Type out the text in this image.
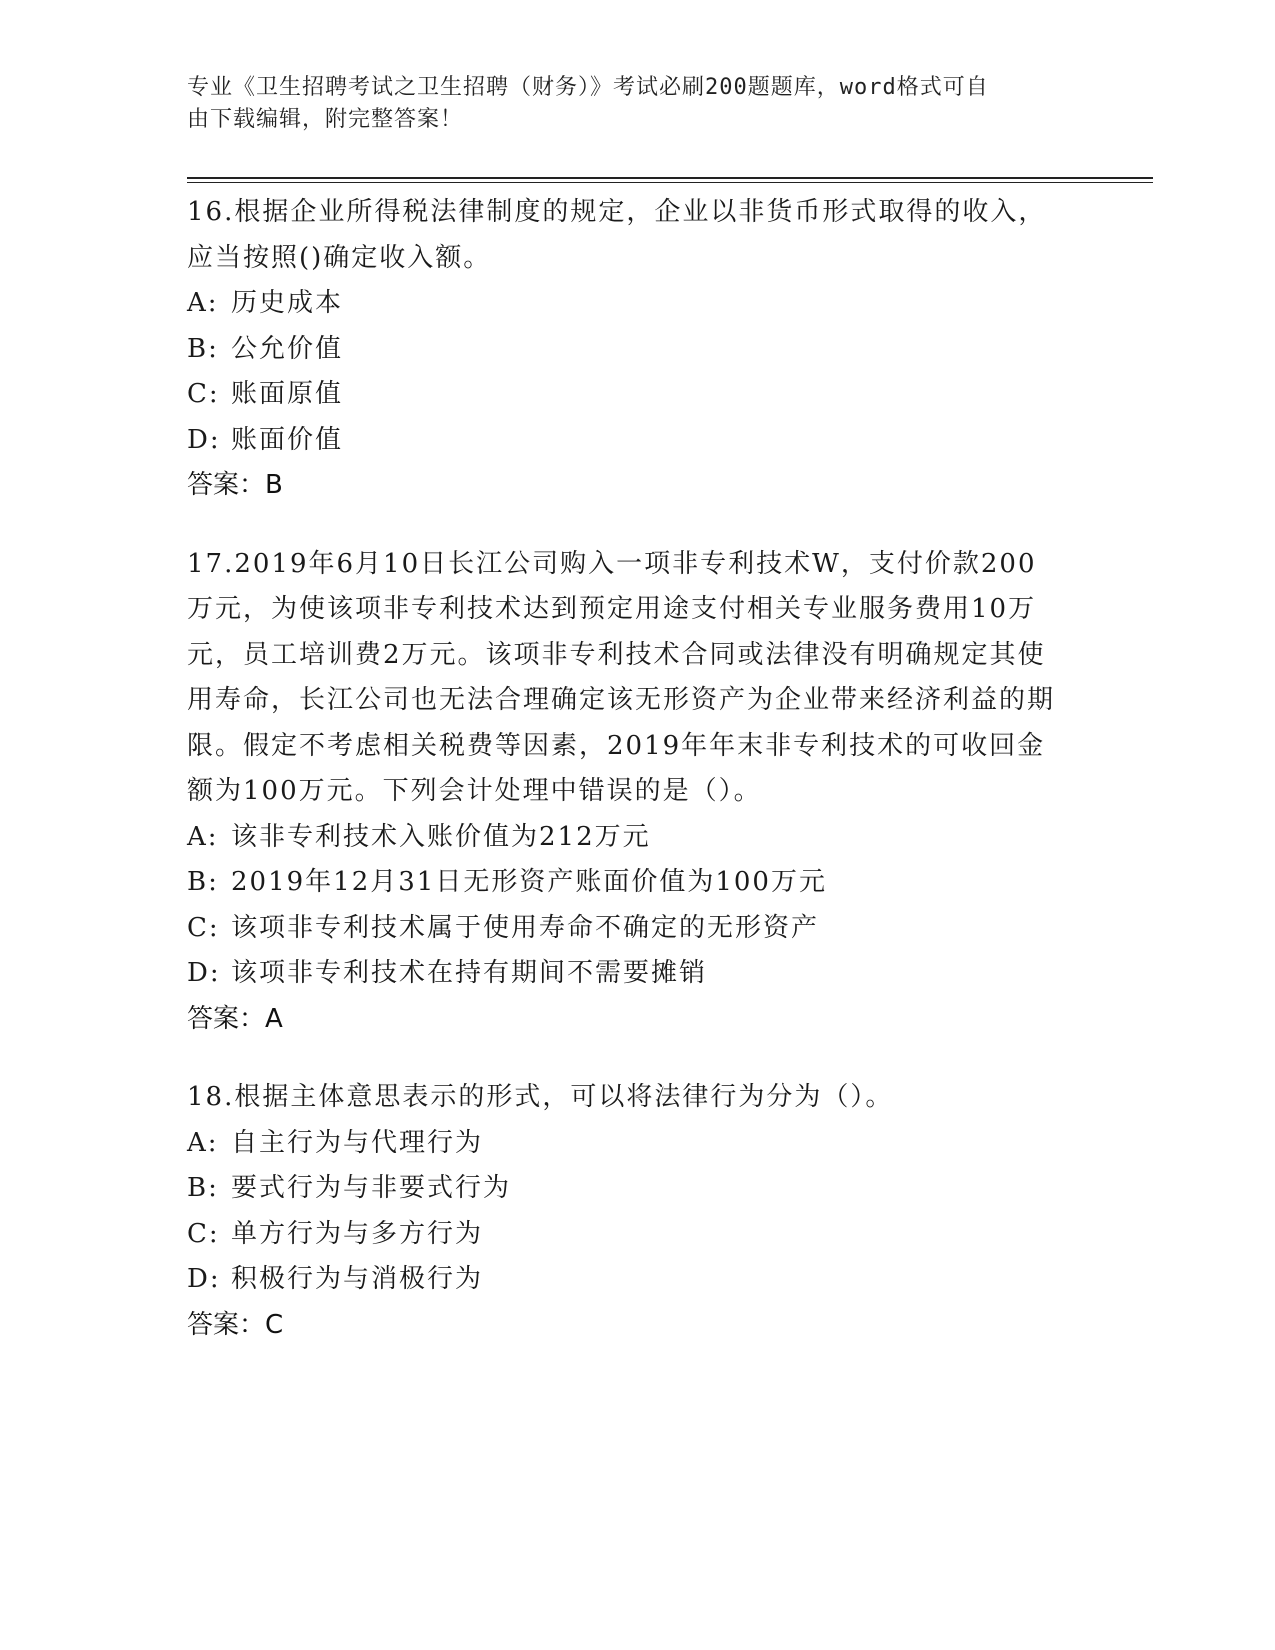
专业《卫生招聘考试之卫生招聘（财务）》考试必刷200题题库，word格式可自
由下载编辑，附完整答案！

16.根据企业所得税法律制度的规定，企业以非货币形式取得的收入，应当按照()确定收入额。

A: 历史成本
B: 公允价值
C: 账面原值
D: 账面价值
答案：B

17.2019年6月10日长江公司购入一项非专利技术W，支付价款200万元，为使该项非专利技术达到预定用途支付相关专业服务费用10万元，员工培训费2万元。该项非专利技术合同或法律没有明确规定其使用寿命，长江公司也无法合理确定该无形资产为企业带来经济利益的期限。假定不考虑相关税费等因素，2019年年末非专利技术的可收回金额为100万元。下列会计处理中错误的是（）。

A: 该非专利技术入账价值为212万元
B: 2019年12月31日无形资产账面价值为100万元
C: 该项非专利技术属于使用寿命不确定的无形资产
D: 该项非专利技术在持有期间不需要摊销
答案：A

18.根据主体意思表示的形式，可以将法律行为分为（）。

A: 自主行为与代理行为
B: 要式行为与非要式行为
C: 单方行为与多方行为
D: 积极行为与消极行为
答案：C
